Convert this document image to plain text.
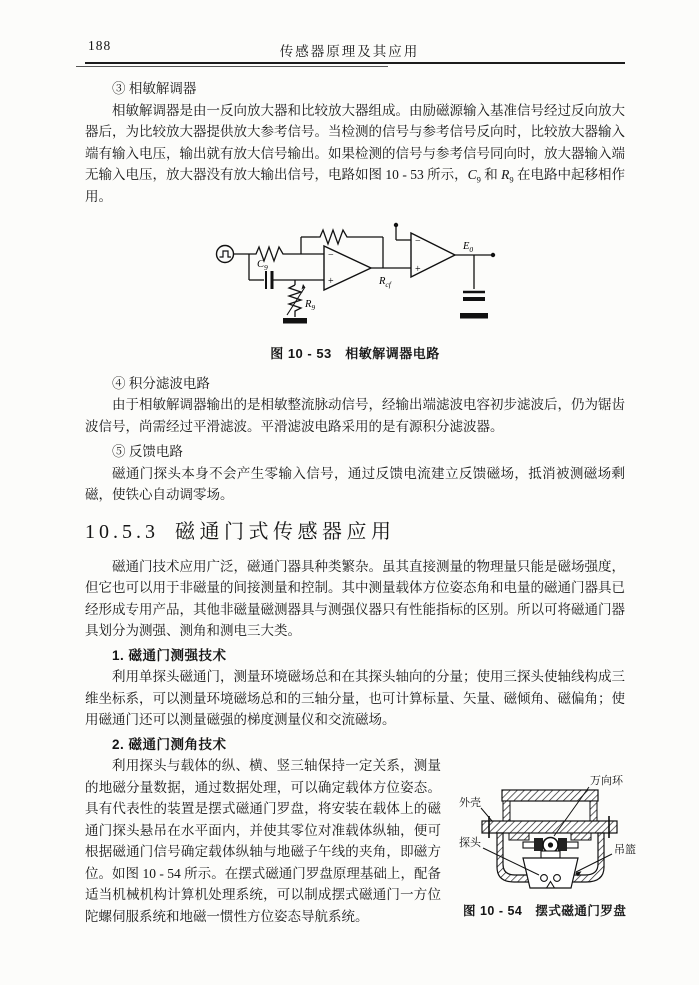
188	传感器原理及其应用

③ 相敏解调器

相敏解调器是由一反向放大器和比较放大器组成。由励磁源输入基准信号经过反向放大器后，为比较放大器提供放大参考信号。当检测的信号与参考信号反向时，比较放大器输入端有输入电压，输出就有放大信号输出。如果检测的信号与参考信号同向时，放大器输入端无输入电压，放大器没有放大输出信号，电路如图 10 - 53 所示，$C_9$ 和 $R_9$ 在电路中起移相作用。

−
+
$C_9$
$R_9$
$R_{cf}$
−
+
$E_0$
图 10 - 53　相敏解调器电路

④ 积分滤波电路

由于相敏解调器输出的是相敏整流脉动信号，经输出端滤波电容初步滤波后，仍为锯齿波信号，尚需经过平滑滤波。平滑滤波电路采用的是有源积分滤波器。

⑤ 反馈电路

磁通门探头本身不会产生零输入信号，通过反馈电流建立反馈磁场，抵消被测磁场剩磁，使铁心自动调零场。

10.5.3 磁通门式传感器应用

磁通门技术应用广泛，磁通门器具种类繁杂。虽其直接测量的物理量只能是磁场强度，但它也可以用于非磁量的间接测量和控制。其中测量载体方位姿态角和电量的磁通门器具已经形成专用产品，其他非磁量磁测器具与测强仪器只有性能指标的区别。所以可将磁通门器具划分为测强、测角和测电三大类。

1. 磁通门测强技术

利用单探头磁通门，测量环境磁场总和在其探头轴向的分量；使用三探头使轴线构成三维坐标系，可以测量环境磁场总和的三轴分量，也可计算标量、矢量、磁倾角、磁偏角；使用磁通门还可以测量磁强的梯度测量仪和交流磁场。

2. 磁通门测角技术

万向环
外壳
探头
吊篮
图 10 - 54　摆式磁通门罗盘

利用探头与载体的纵、横、竖三轴保持一定关系，测量的地磁分量数据，通过数据处理，可以确定载体方位姿态。具有代表性的装置是摆式磁通门罗盘，将安装在载体上的磁通门探头悬吊在水平面内，并使其零位对准载体纵轴，便可根据磁通门信号确定载体纵轴与地磁子午线的夹角，即磁方位。如图 10 - 54 所示。在摆式磁通门罗盘原理基础上，配备适当机械机构计算机处理系统，可以制成摆式磁通门一方位陀螺伺服系统和地磁一惯性方位姿态导航系统。
